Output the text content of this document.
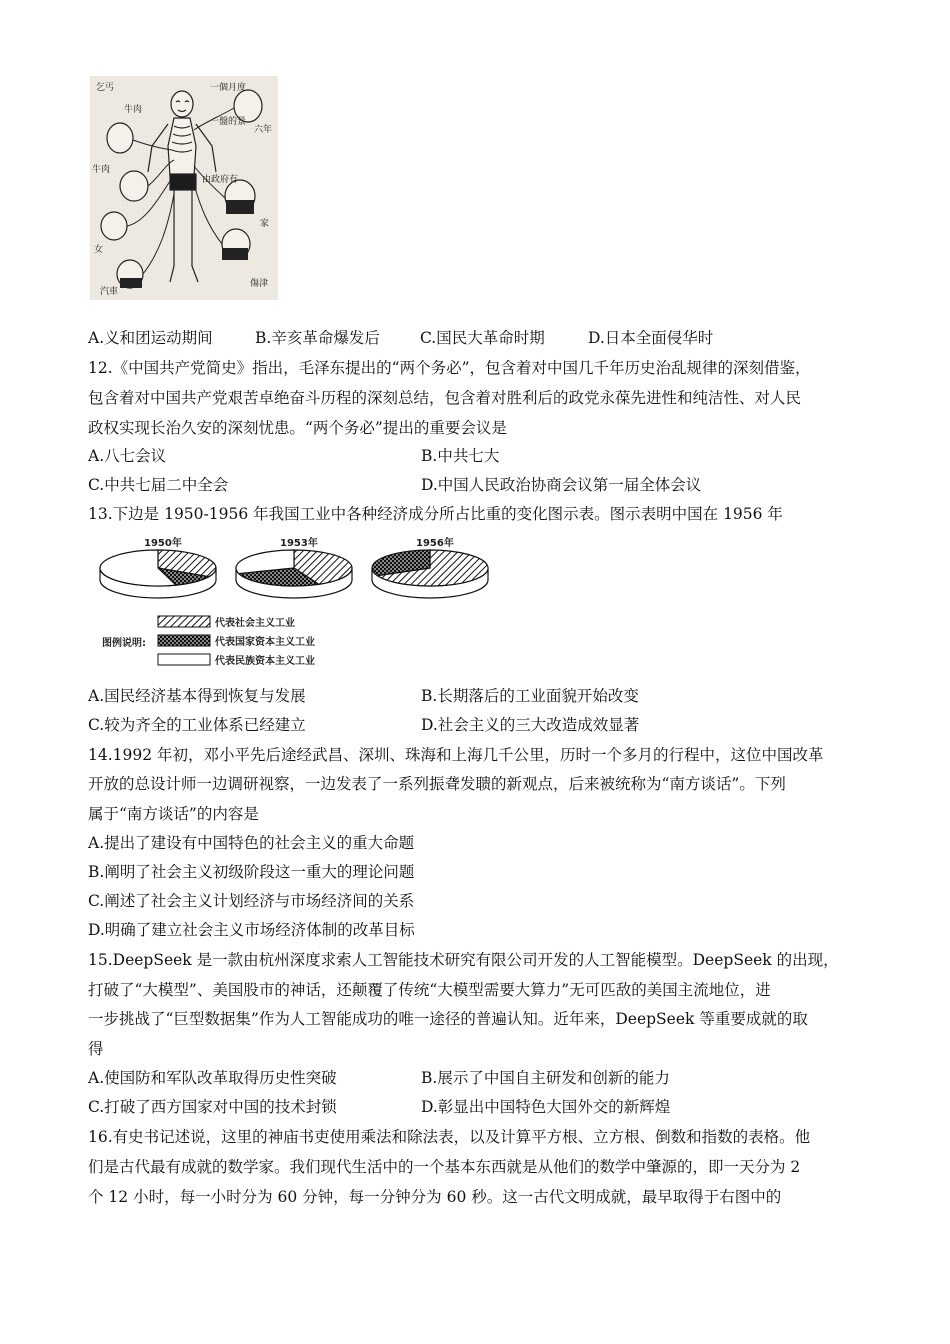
一個月度
一盤的景
六年
乞丐
牛肉
女
家
由政府有
汽車
傷津
牛肉
A.义和团运动期间	B.辛亥革命爆发后	C.国民大革命时期	D.日本全面侵华时
12.《中国共产党简史》指出，毛泽东提出的“两个务必”，包含着对中国几千年历史治乱规律的深刻借鉴，
包含着对中国共产党艰苦卓绝奋斗历程的深刻总结，包含着对胜利后的政党永葆先进性和纯洁性、对人民
政权实现长治久安的深刻忧患。“两个务必”提出的重要会议是
A.八七会议	B.中共七大
C.中共七届二中全会	D.中国人民政治协商会议第一届全体会议
13.下边是 1950-1956 年我国工业中各种经济成分所占比重的变化图示表。图示表明中国在 1956 年
1950年	1953年	1956年
图例说明:
代表社会主义工业
代表国家资本主义工业
代表民族资本主义工业
A.国民经济基本得到恢复与发展	B.长期落后的工业面貌开始改变
C.较为齐全的工业体系已经建立	D.社会主义的三大改造成效显著
14.1992 年初，邓小平先后途经武昌、深圳、珠海和上海几千公里，历时一个多月的行程中，这位中国改革
开放的总设计师一边调研视察，一边发表了一系列振聋发聩的新观点，后来被统称为“南方谈话”。下列
属于“南方谈话”的内容是
A.提出了建设有中国特色的社会主义的重大命题
B.阐明了社会主义初级阶段这一重大的理论问题
C.阐述了社会主义计划经济与市场经济间的关系
D.明确了建立社会主义市场经济体制的改革目标
15.DeepSeek 是一款由杭州深度求索人工智能技术研究有限公司开发的人工智能模型。DeepSeek 的出现，
打破了“大模型”、美国股市的神话，还颠覆了传统“大模型需要大算力”无可匹敌的美国主流地位，进
一步挑战了“巨型数据集”作为人工智能成功的唯一途径的普遍认知。近年来，DeepSeek 等重要成就的取
得
A.使国防和军队改革取得历史性突破	B.展示了中国自主研发和创新的能力
C.打破了西方国家对中国的技术封锁	D.彰显出中国特色大国外交的新辉煌
16.有史书记述说，这里的神庙书吏使用乘法和除法表，以及计算平方根、立方根、倒数和指数的表格。他
们是古代最有成就的数学家。我们现代生活中的一个基本东西就是从他们的数学中肇源的，即一天分为 2
个 12 小时，每一小时分为 60 分钟，每一分钟分为 60 秒。这一古代文明成就，最早取得于右图中的
